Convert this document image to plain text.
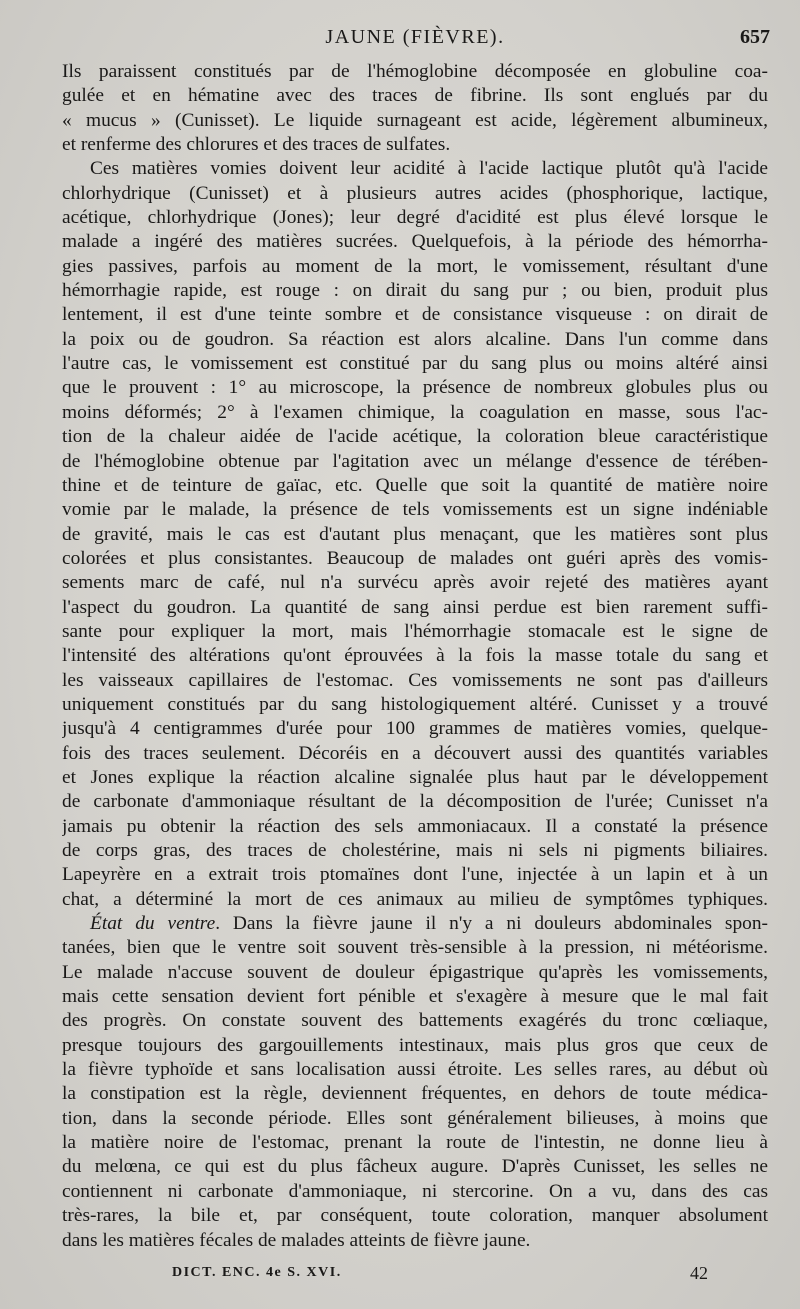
JAUNE (FIÈVRE).	657
Ils paraissent constitués par de l'hémoglobine décomposée en globuline coa-
gulée et en hématine avec des traces de fibrine. Ils sont englués par du
« mucus » (Cunisset). Le liquide surnageant est acide, légèrement albumineux,
et renferme des chlorures et des traces de sulfates.
Ces matières vomies doivent leur acidité à l'acide lactique plutôt qu'à l'acide
chlorhydrique (Cunisset) et à plusieurs autres acides (phosphorique, lactique,
acétique, chlorhydrique (Jones); leur degré d'acidité est plus élevé lorsque le
malade a ingéré des matières sucrées. Quelquefois, à la période des hémorrha-
gies passives, parfois au moment de la mort, le vomissement, résultant d'une
hémorrhagie rapide, est rouge : on dirait du sang pur ; ou bien, produit plus
lentement, il est d'une teinte sombre et de consistance visqueuse : on dirait de
la poix ou de goudron. Sa réaction est alors alcaline. Dans l'un comme dans
l'autre cas, le vomissement est constitué par du sang plus ou moins altéré ainsi
que le prouvent : 1° au microscope, la présence de nombreux globules plus ou
moins déformés; 2° à l'examen chimique, la coagulation en masse, sous l'ac-
tion de la chaleur aidée de l'acide acétique, la coloration bleue caractéristique
de l'hémoglobine obtenue par l'agitation avec un mélange d'essence de térében-
thine et de teinture de gaïac, etc. Quelle que soit la quantité de matière noire
vomie par le malade, la présence de tels vomissements est un signe indéniable
de gravité, mais le cas est d'autant plus menaçant, que les matières sont plus
colorées et plus consistantes. Beaucoup de malades ont guéri après des vomis-
sements marc de café, nul n'a survécu après avoir rejeté des matières ayant
l'aspect du goudron. La quantité de sang ainsi perdue est bien rarement suffi-
sante pour expliquer la mort, mais l'hémorrhagie stomacale est le signe de
l'intensité des altérations qu'ont éprouvées à la fois la masse totale du sang et
les vaisseaux capillaires de l'estomac. Ces vomissements ne sont pas d'ailleurs
uniquement constitués par du sang histologiquement altéré. Cunisset y a trouvé
jusqu'à 4 centigrammes d'urée pour 100 grammes de matières vomies, quelque-
fois des traces seulement. Décoréis en a découvert aussi des quantités variables
et Jones explique la réaction alcaline signalée plus haut par le développement
de carbonate d'ammoniaque résultant de la décomposition de l'urée; Cunisset n'a
jamais pu obtenir la réaction des sels ammoniacaux. Il a constaté la présence
de corps gras, des traces de cholestérine, mais ni sels ni pigments biliaires.
Lapeyrère en a extrait trois ptomaïnes dont l'une, injectée à un lapin et à un
chat, a déterminé la mort de ces animaux au milieu de symptômes typhiques.
État du ventre. Dans la fièvre jaune il n'y a ni douleurs abdominales spon-
tanées, bien que le ventre soit souvent très-sensible à la pression, ni météorisme.
Le malade n'accuse souvent de douleur épigastrique qu'après les vomissements,
mais cette sensation devient fort pénible et s'exagère à mesure que le mal fait
des progrès. On constate souvent des battements exagérés du tronc cœliaque,
presque toujours des gargouillements intestinaux, mais plus gros que ceux de
la fièvre typhoïde et sans localisation aussi étroite. Les selles rares, au début où
la constipation est la règle, deviennent fréquentes, en dehors de toute médica-
tion, dans la seconde période. Elles sont généralement bilieuses, à moins que
la matière noire de l'estomac, prenant la route de l'intestin, ne donne lieu à
du melœna, ce qui est du plus fâcheux augure. D'après Cunisset, les selles ne
contiennent ni carbonate d'ammoniaque, ni stercorine. On a vu, dans des cas
très-rares, la bile et, par conséquent, toute coloration, manquer absolument
dans les matières fécales de malades atteints de fièvre jaune.
DICT. ENC. 4e S. XVI.	42
